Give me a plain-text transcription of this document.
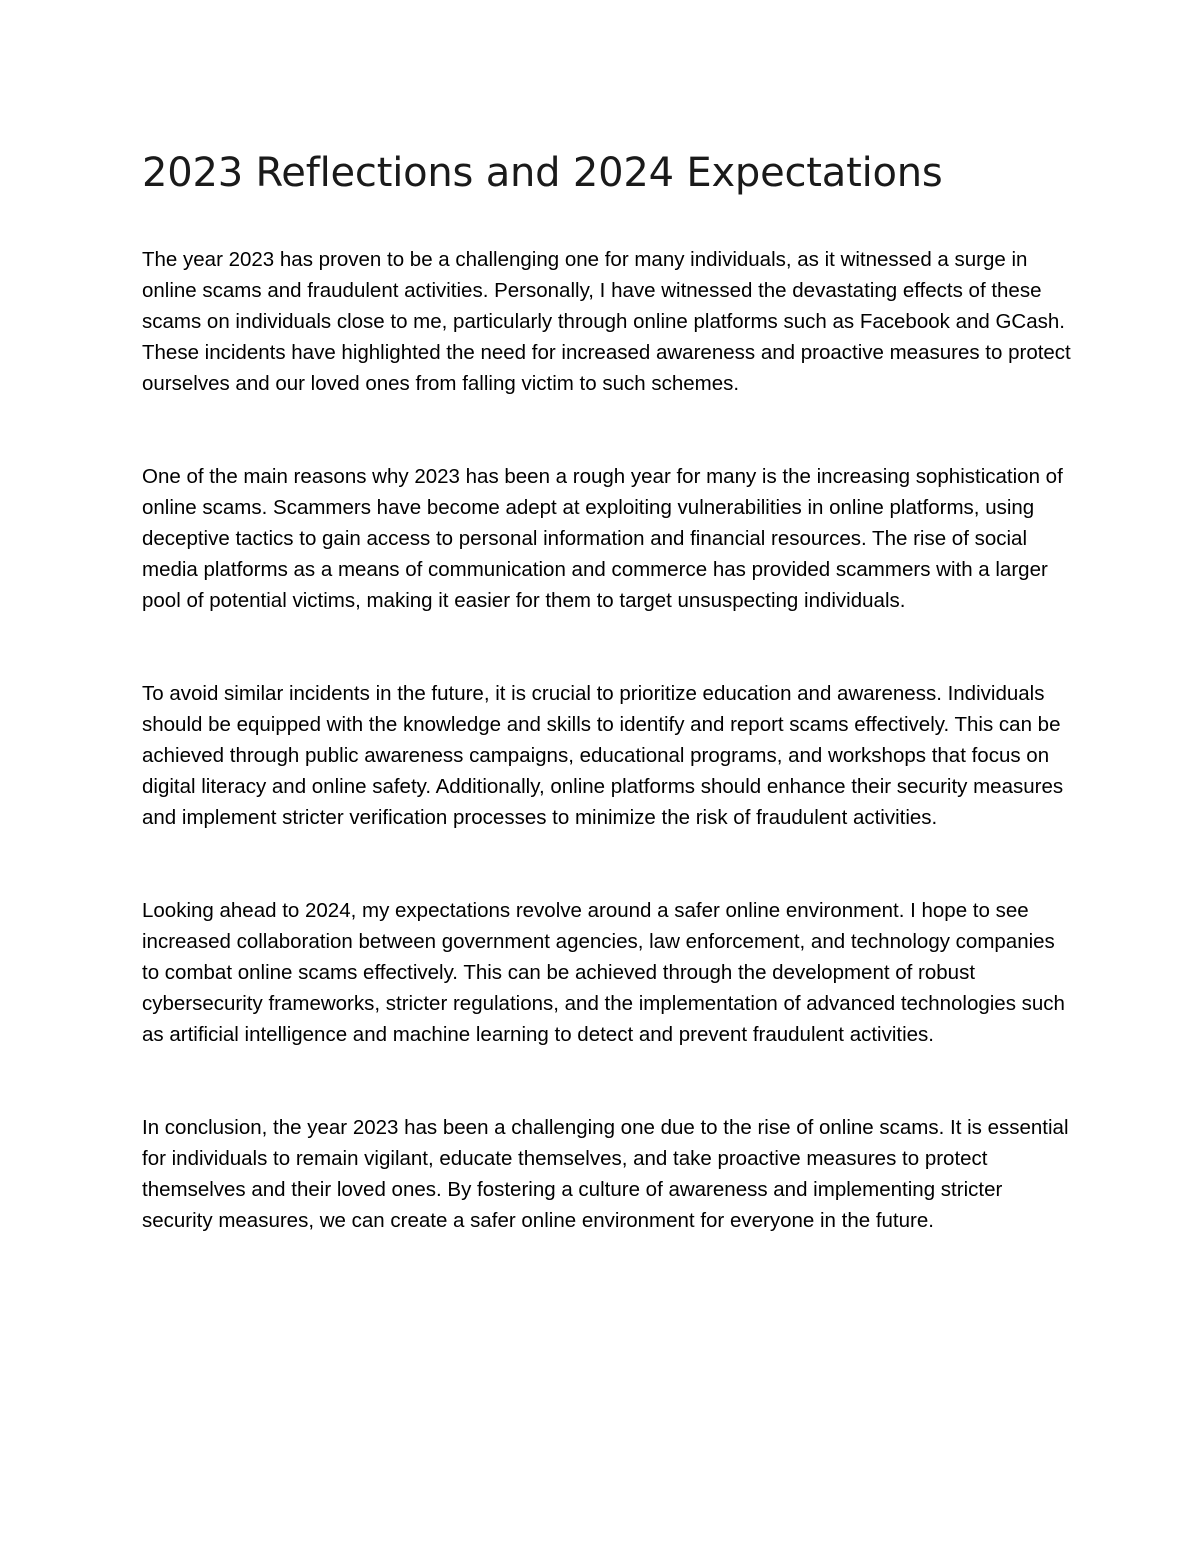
2023 Reflections and 2024 Expectations

The year 2023 has proven to be a challenging one for many individuals, as it witnessed a surge in online scams and fraudulent activities. Personally, I have witnessed the devastating effects of these scams on individuals close to me, particularly through online platforms such as Facebook and GCash. These incidents have highlighted the need for increased awareness and proactive measures to protect ourselves and our loved ones from falling victim to such schemes.

One of the main reasons why 2023 has been a rough year for many is the increasing sophistication of online scams. Scammers have become adept at exploiting vulnerabilities in online platforms, using deceptive tactics to gain access to personal information and financial resources. The rise of social media platforms as a means of communication and commerce has provided scammers with a larger pool of potential victims, making it easier for them to target unsuspecting individuals.

To avoid similar incidents in the future, it is crucial to prioritize education and awareness. Individuals should be equipped with the knowledge and skills to identify and report scams effectively. This can be achieved through public awareness campaigns, educational programs, and workshops that focus on digital literacy and online safety. Additionally, online platforms should enhance their security measures and implement stricter verification processes to minimize the risk of fraudulent activities.

Looking ahead to 2024, my expectations revolve around a safer online environment. I hope to see increased collaboration between government agencies, law enforcement, and technology companies to combat online scams effectively. This can be achieved through the development of robust cybersecurity frameworks, stricter regulations, and the implementation of advanced technologies such as artificial intelligence and machine learning to detect and prevent fraudulent activities.

In conclusion, the year 2023 has been a challenging one due to the rise of online scams. It is essential for individuals to remain vigilant, educate themselves, and take proactive measures to protect themselves and their loved ones. By fostering a culture of awareness and implementing stricter security measures, we can create a safer online environment for everyone in the future.
